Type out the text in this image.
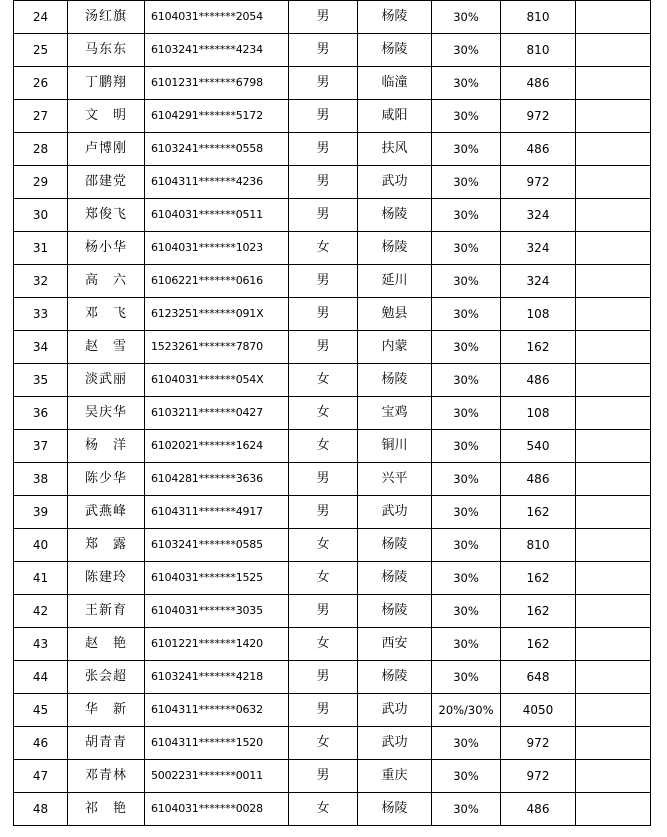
24	汤红旗	6104031*******2054	男	杨陵	30%	810	
25	马东东	6103241*******4234	男	杨陵	30%	810	
26	丁鹏翔	6101231*******6798	男	临潼	30%	486	
27	文　明	6104291*******5172	男	咸阳	30%	972	
28	卢博刚	6103241*******0558	男	扶风	30%	486	
29	邵建党	6104311*******4236	男	武功	30%	972	
30	郑俊飞	6104031*******0511	男	杨陵	30%	324	
31	杨小华	6104031*******1023	女	杨陵	30%	324	
32	高　六	6106221*******0616	男	延川	30%	324	
33	邓　飞	6123251*******091X	男	勉县	30%	108	
34	赵　雪	1523261*******7870	男	内蒙	30%	162	
35	淡武丽	6104031*******054X	女	杨陵	30%	486	
36	吴庆华	6103211*******0427	女	宝鸡	30%	108	
37	杨　洋	6102021*******1624	女	铜川	30%	540	
38	陈少华	6104281*******3636	男	兴平	30%	486	
39	武燕峰	6104311*******4917	男	武功	30%	162	
40	郑　露	6103241*******0585	女	杨陵	30%	810	
41	陈建玲	6104031*******1525	女	杨陵	30%	162	
42	王新育	6104031*******3035	男	杨陵	30%	162	
43	赵　艳	6101221*******1420	女	西安	30%	162	
44	张会超	6103241*******4218	男	杨陵	30%	648	
45	华　新	6104311*******0632	男	武功	20%/30%	4050	
46	胡青青	6104311*******1520	女	武功	30%	972	
47	邓青林	5002231*******0011	男	重庆	30%	972	
48	祁　艳	6104031*******0028	女	杨陵	30%	486	
